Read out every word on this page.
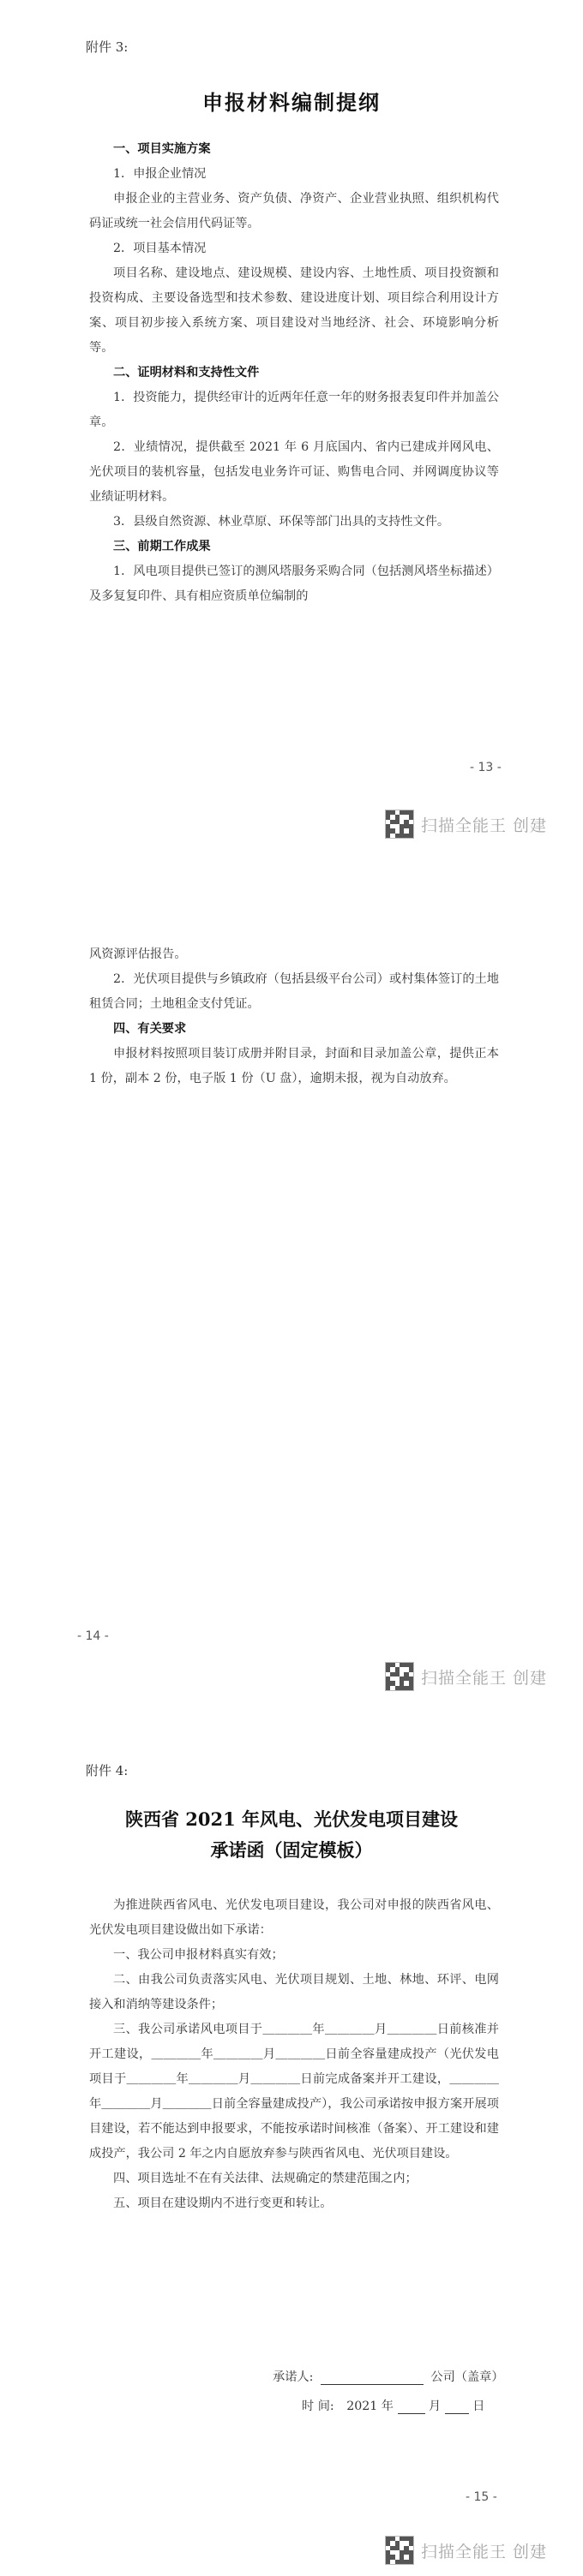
附件 3:
申报材料编制提纲
一、项目实施方案
1．申报企业情况
申报企业的主营业务、资产负债、净资产、企业营业执照、组织机构代码证或统一社会信用代码证等。
2．项目基本情况
项目名称、建设地点、建设规模、建设内容、土地性质、项目投资额和投资构成、主要设备选型和技术参数、建设进度计划、项目综合利用设计方案、项目初步接入系统方案、项目建设对当地经济、社会、环境影响分析等。
二、证明材料和支持性文件
1．投资能力，提供经审计的近两年任意一年的财务报表复印件并加盖公章。
2．业绩情况，提供截至 2021 年 6 月底国内、省内已建成并网风电、光伏项目的装机容量，包括发电业务许可证、购售电合同、并网调度协议等业绩证明材料。
3．县级自然资源、林业草原、环保等部门出具的支持性文件。
三、前期工作成果
1．风电项目提供已签订的测风塔服务采购合同（包括测风塔坐标描述）及多复复印件、具有相应资质单位编制的
- 13 -
扫描全能王 创建
风资源评估报告。
2．光伏项目提供与乡镇政府（包括县级平台公司）或村集体签订的土地租赁合同；土地租金支付凭证。
四、有关要求
申报材料按照项目装订成册并附目录，封面和目录加盖公章，提供正本 1 份，副本 2 份，电子版 1 份（U 盘），逾期未报，视为自动放弃。
- 14 -
扫描全能王 创建
附件 4:
陕西省 2021 年风电、光伏发电项目建设
承诺函（固定模板）
为推进陕西省风电、光伏发电项目建设，我公司对申报的陕西省风电、光伏发电项目建设做出如下承诺：
一、我公司申报材料真实有效；
二、由我公司负责落实风电、光伏项目规划、土地、林地、环评、电网接入和消纳等建设条件；
三、我公司承诺风电项目于＿＿＿＿年＿＿＿＿月＿＿＿＿日前核准并开工建设，＿＿＿＿年＿＿＿＿月＿＿＿＿日前全容量建成投产（光伏发电项目于＿＿＿＿年＿＿＿＿月＿＿＿＿日前完成备案并开工建设，＿＿＿＿年＿＿＿＿月＿＿＿＿日前全容量建成投产），我公司承诺按申报方案开展项目建设，若不能达到申报要求，不能按承诺时间核准（备案）、开工建设和建成投产，我公司 2 年之内自愿放弃参与陕西省风电、光伏项目建设。
四、项目选址不在有关法律、法规确定的禁建范围之内；
五、项目在建设期内不进行变更和转让。
承诺人:	公司（盖章）
时 间: 2021 年	月	日
- 15 -
扫描全能王 创建
